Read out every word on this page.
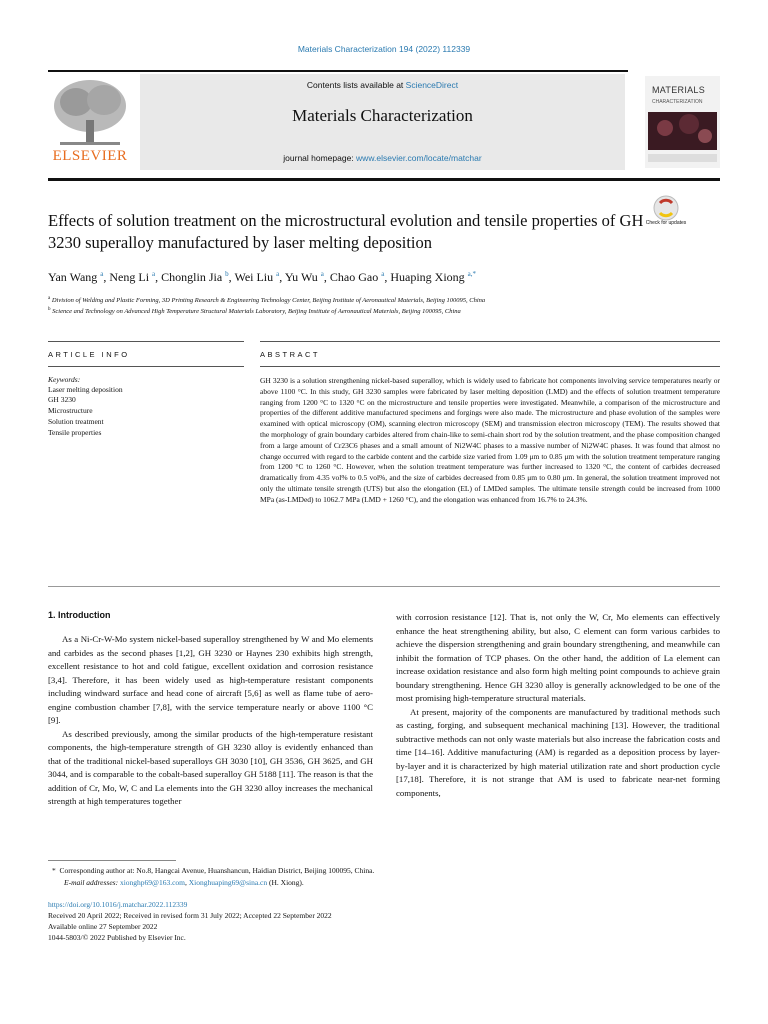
Materials Characterization 194 (2022) 112339
ELSEVIER
Contents lists available at ScienceDirect
Materials Characterization
journal homepage: www.elsevier.com/locate/matchar
MATERIALS
CHARACTERIZATION
Effects of solution treatment on the microstructural evolution and tensile properties of GH 3230 superalloy manufactured by laser melting deposition
Check for updates
Yan Wang $^a$, Neng Li $^a$, Chonglin Jia $^b$, Wei Liu $^a$, Yu Wu $^a$, Chao Gao $^a$, Huaping Xiong $^{a,*}$
$^a$ Division of Welding and Plastic Forming, 3D Printing Research & Engineering Technology Center, Beijing Institute of Aeronautical Materials, Beijing 100095, China
$^b$ Science and Technology on Advanced High Temperature Structural Materials Laboratory, Beijing Institute of Aeronautical Materials, Beijing 100095, China
ARTICLE INFO	ABSTRACT
Keywords:
Laser melting deposition
GH 3230
Microstructure
Solution treatment
Tensile properties
GH 3230 is a solution strengthening nickel-based superalloy, which is widely used to fabricate hot components involving service temperatures nearly or above 1100 °C. In this study, GH 3230 samples were fabricated by laser melting deposition (LMD) and the effects of solution treatment temperature ranging from 1200 °C to 1320 °C on the microstructure and tensile properties were investigated. Meanwhile, a comparison of the microstructure and properties of the different additive manufactured specimens and forgings were also made. The microstructure and phase evolution of the samples were examined with optical microscopy (OM), scanning electron microscopy (SEM) and transmission electron microscopy (TEM). The results showed that the morphology of grain boundary carbides altered from chain-like to semi-chain short rod by the solution treatment, and the phase composition changed from a large amount of Cr23C6 phases and a small amount of Ni2W4C phases to a massive number of Ni2W4C phases. It was found that almost no change occurred with regard to the carbide content and the carbide size varied from 1.09 μm to 0.85 μm with the solution treatment temperature ranging from 1200 °C to 1260 °C. However, when the solution treatment temperature was further increased to 1320 °C, the content of carbides decreased dramatically from 4.35 vol% to 0.5 vol%, and the size of carbides decreased from 0.85 μm to 0.80 μm. In general, the solution treatment improved not only the ultimate tensile strength (UTS) but also the elongation (EL) of LMDed samples. The ultimate tensile strength could be increased from 1000 MPa (as-LMDed) to 1062.7 MPa (LMD + 1260 °C), and the elongation was enhanced from 16.7% to 24.3%.
1. Introduction

As a Ni-Cr-W-Mo system nickel-based superalloy strengthened by W and Mo elements and carbides as the second phases [1,2], GH 3230 or Haynes 230 exhibits high strength, excellent resistance to hot and cold fatigue, excellent oxidation and corrosion resistance [3,4]. Therefore, it has been widely used as high-temperature resistant components including windward surface and head cone of aircraft [5,6] as well as flame tube of aero-engine combustion chamber [7,8], with the service temperature nearly or above 1100 °C [9].

As described previously, among the similar products of the high-temperature resistant components, the high-temperature strength of GH 3230 alloy is evidently enhanced than that of the traditional nickel-based superalloys GH 3030 [10], GH 3536, GH 3625, and GH 3044, and is comparable to the cobalt-based superalloy GH 5188 [11]. The reason is that the addition of Cr, Mo, W, C and La elements into the GH 3230 alloy increases the mechanical strength at high temperatures together

with corrosion resistance [12]. That is, not only the W, Cr, Mo elements can effectively enhance the heat strengthening ability, but also, C element can form various carbides to achieve the dispersion strengthening and grain boundary strengthening, and meanwhile can inhibit the formation of TCP phases. On the other hand, the addition of La element can increase oxidation resistance and also form high melting point compounds to achieve grain boundary strengthening. Hence GH 3230 alloy is generally acknowledged to be one of the most promising high-temperature structural materials.

At present, majority of the components are manufactured by traditional methods such as casting, forging, and subsequent mechanical machining [13]. However, the traditional subtractive methods can not only waste materials but also increase the fabrication costs and time [14–16]. Additive manufacturing (AM) is regarded as a deposition process by layer-by-layer and it is characterized by high material utilization rate and short production cycle [17,18]. Therefore, it is not strange that AM is used to fabricate near-net forming components,

*  Corresponding author at: No.8, Hangcai Avenue, Huanshancun, Haidian District, Beijing 100095, China.
E-mail addresses: xionghp69@163.com, Xionghuaping69@sina.cn (H. Xiong).
https://doi.org/10.1016/j.matchar.2022.112339
Received 20 April 2022; Received in revised form 31 July 2022; Accepted 22 September 2022
Available online 27 September 2022
1044-5803/© 2022 Published by Elsevier Inc.
